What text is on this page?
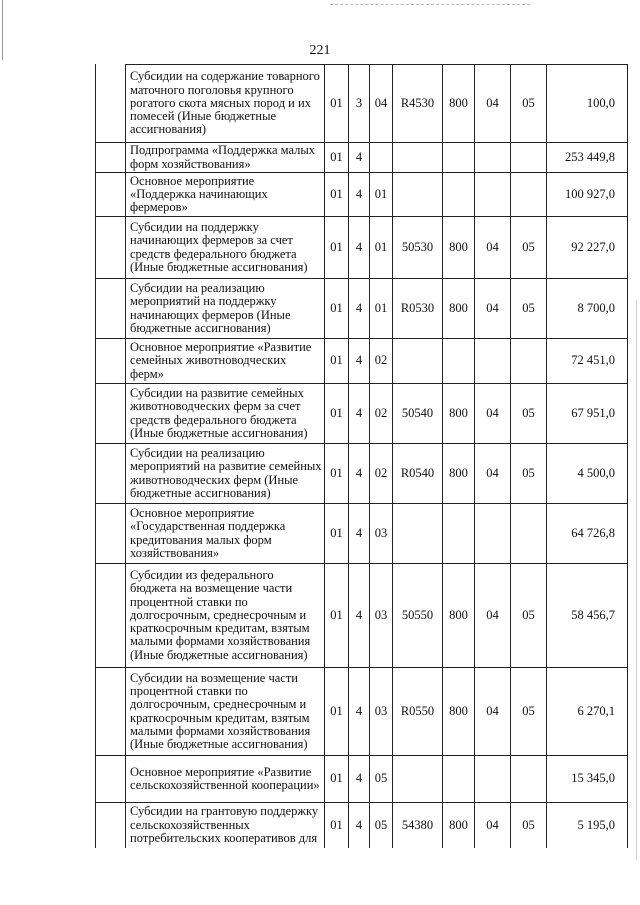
221
	Субсидии на содержание товарного маточного поголовья крупного рогатого скота мясных пород и их помесей (Иные бюджетные ассигнования)	01	3	04	R4530	800	04	05	100,0
	Подпрограмма «Поддержка малых форм хозяйствования»	01	4						253 449,8
	Основное мероприятие «Поддержка начинающих фермеров»	01	4	01					100 927,0
	Субсидии на поддержку начинающих фермеров за счет средств федерального бюджета (Иные бюджетные ассигнования)	01	4	01	50530	800	04	05	92 227,0
	Субсидии на реализацию мероприятий на поддержку начинающих фермеров (Иные бюджетные ассигнования)	01	4	01	R0530	800	04	05	8 700,0
	Основное мероприятие «Развитие семейных животноводческих ферм»	01	4	02					72 451,0
	Субсидии на развитие семейных животноводческих ферм за счет средств федерального бюджета (Иные бюджетные ассигнования)	01	4	02	50540	800	04	05	67 951,0
	Субсидии на реализацию мероприятий на развитие семейных животноводческих ферм (Иные бюджетные ассигнования)	01	4	02	R0540	800	04	05	4 500,0
	Основное мероприятие «Государственная поддержка кредитования малых форм хозяйствования»	01	4	03					64 726,8
	Субсидии из федерального бюджета на возмещение части процентной ставки по долгосрочным, среднесрочным и краткосрочным кредитам, взятым малыми формами хозяйствования (Иные бюджетные ассигнования)	01	4	03	50550	800	04	05	58 456,7
	Субсидии на возмещение части процентной ставки по долгосрочным, среднесрочным и краткосрочным кредитам, взятым малыми формами хозяйствования (Иные бюджетные ассигнования)	01	4	03	R0550	800	04	05	6 270,1
	Основное мероприятие «Развитие сельскохозяйственной кооперации»	01	4	05					15 345,0
	Субсидии на грантовую поддержку сельскохозяйственных потребительских кооперативов для	01	4	05	54380	800	04	05	5 195,0
